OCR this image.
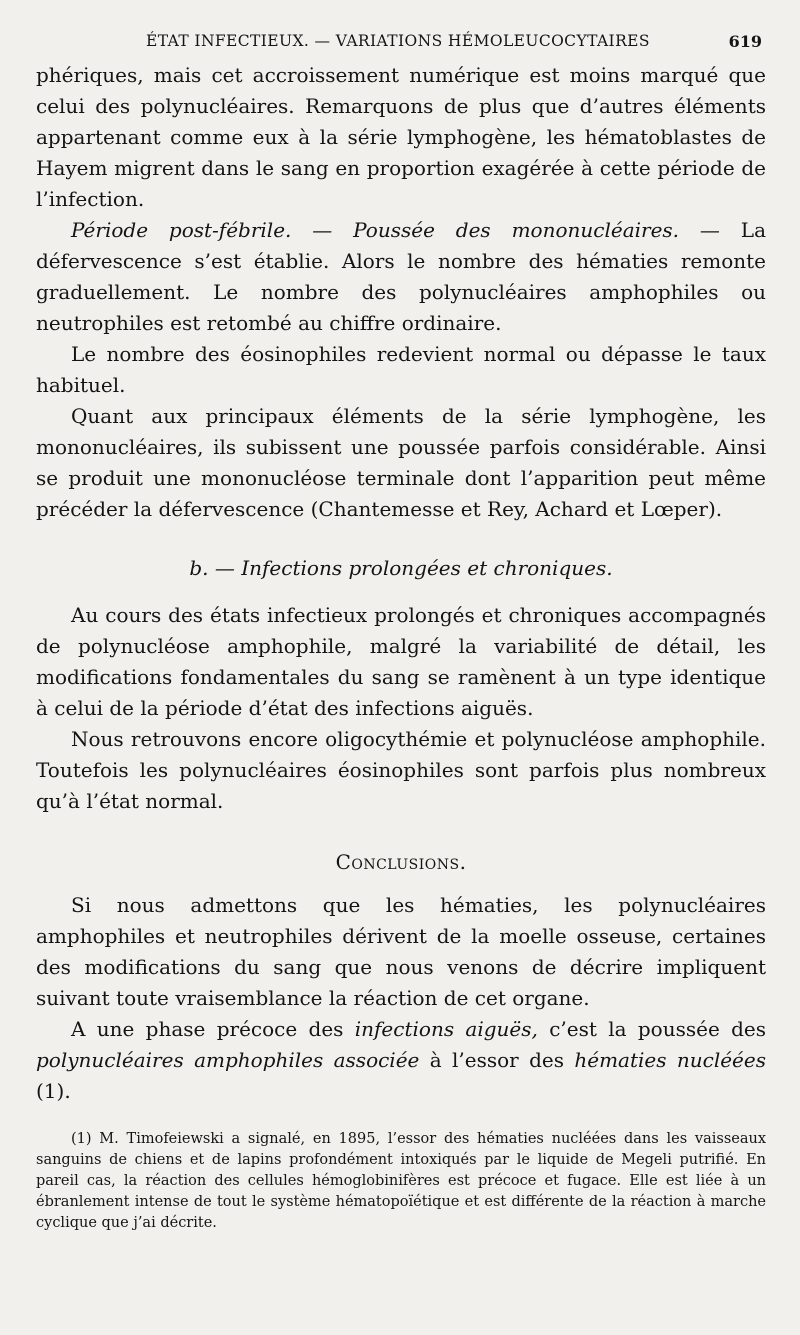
ÉTAT INFECTIEUX. — VARIATIONS HÉMOLEUCOCYTAIRES	619

phériques, mais cet accroissement numérique est moins marqué que celui des polynucléaires. Remarquons de plus que d’autres éléments appartenant comme eux à la série lymphogène, les hématoblastes de Hayem migrent dans le sang en proportion exagérée à cette période de l’infection.

Période post-fébrile. — Poussée des mononucléaires. — La défervescence s’est établie. Alors le nombre des hématies remonte graduellement. Le nombre des polynucléaires amphophiles ou neutrophiles est retombé au chiffre ordinaire.

Le nombre des éosinophiles redevient normal ou dépasse le taux habituel.

Quant aux principaux éléments de la série lymphogène, les mononucléaires, ils subissent une poussée parfois considérable. Ainsi se produit une mononucléose terminale dont l’apparition peut même précéder la défervescence (Chantemesse et Rey, Achard et Lœper).

b. — Infections prolongées et chroniques.

Au cours des états infectieux prolongés et chroniques accompagnés de polynucléose amphophile, malgré la variabilité de détail, les modifications fondamentales du sang se ramènent à un type identique à celui de la période d’état des infections aiguës.

Nous retrouvons encore oligocythémie et polynucléose amphophile. Toutefois les polynucléaires éosinophiles sont parfois plus nombreux qu’à l’état normal.

Conclusions.

Si nous admettons que les hématies, les polynucléaires amphophiles et neutrophiles dérivent de la moelle osseuse, certaines des modifications du sang que nous venons de décrire impliquent suivant toute vraisemblance la réaction de cet organe.

A une phase précoce des infections aiguës, c’est la poussée des polynucléaires amphophiles associée à l’essor des hématies nucléées (1).

(1) M. Timofeiewski a signalé, en 1895, l’essor des hématies nucléées dans les vaisseaux sanguins de chiens et de lapins profondément intoxiqués par le liquide de Megeli putrifié. En pareil cas, la réaction des cellules hémoglobinifères est précoce et fugace. Elle est liée à un ébranlement intense de tout le système hématopoïétique et est différente de la réaction à marche cyclique que j’ai décrite.
